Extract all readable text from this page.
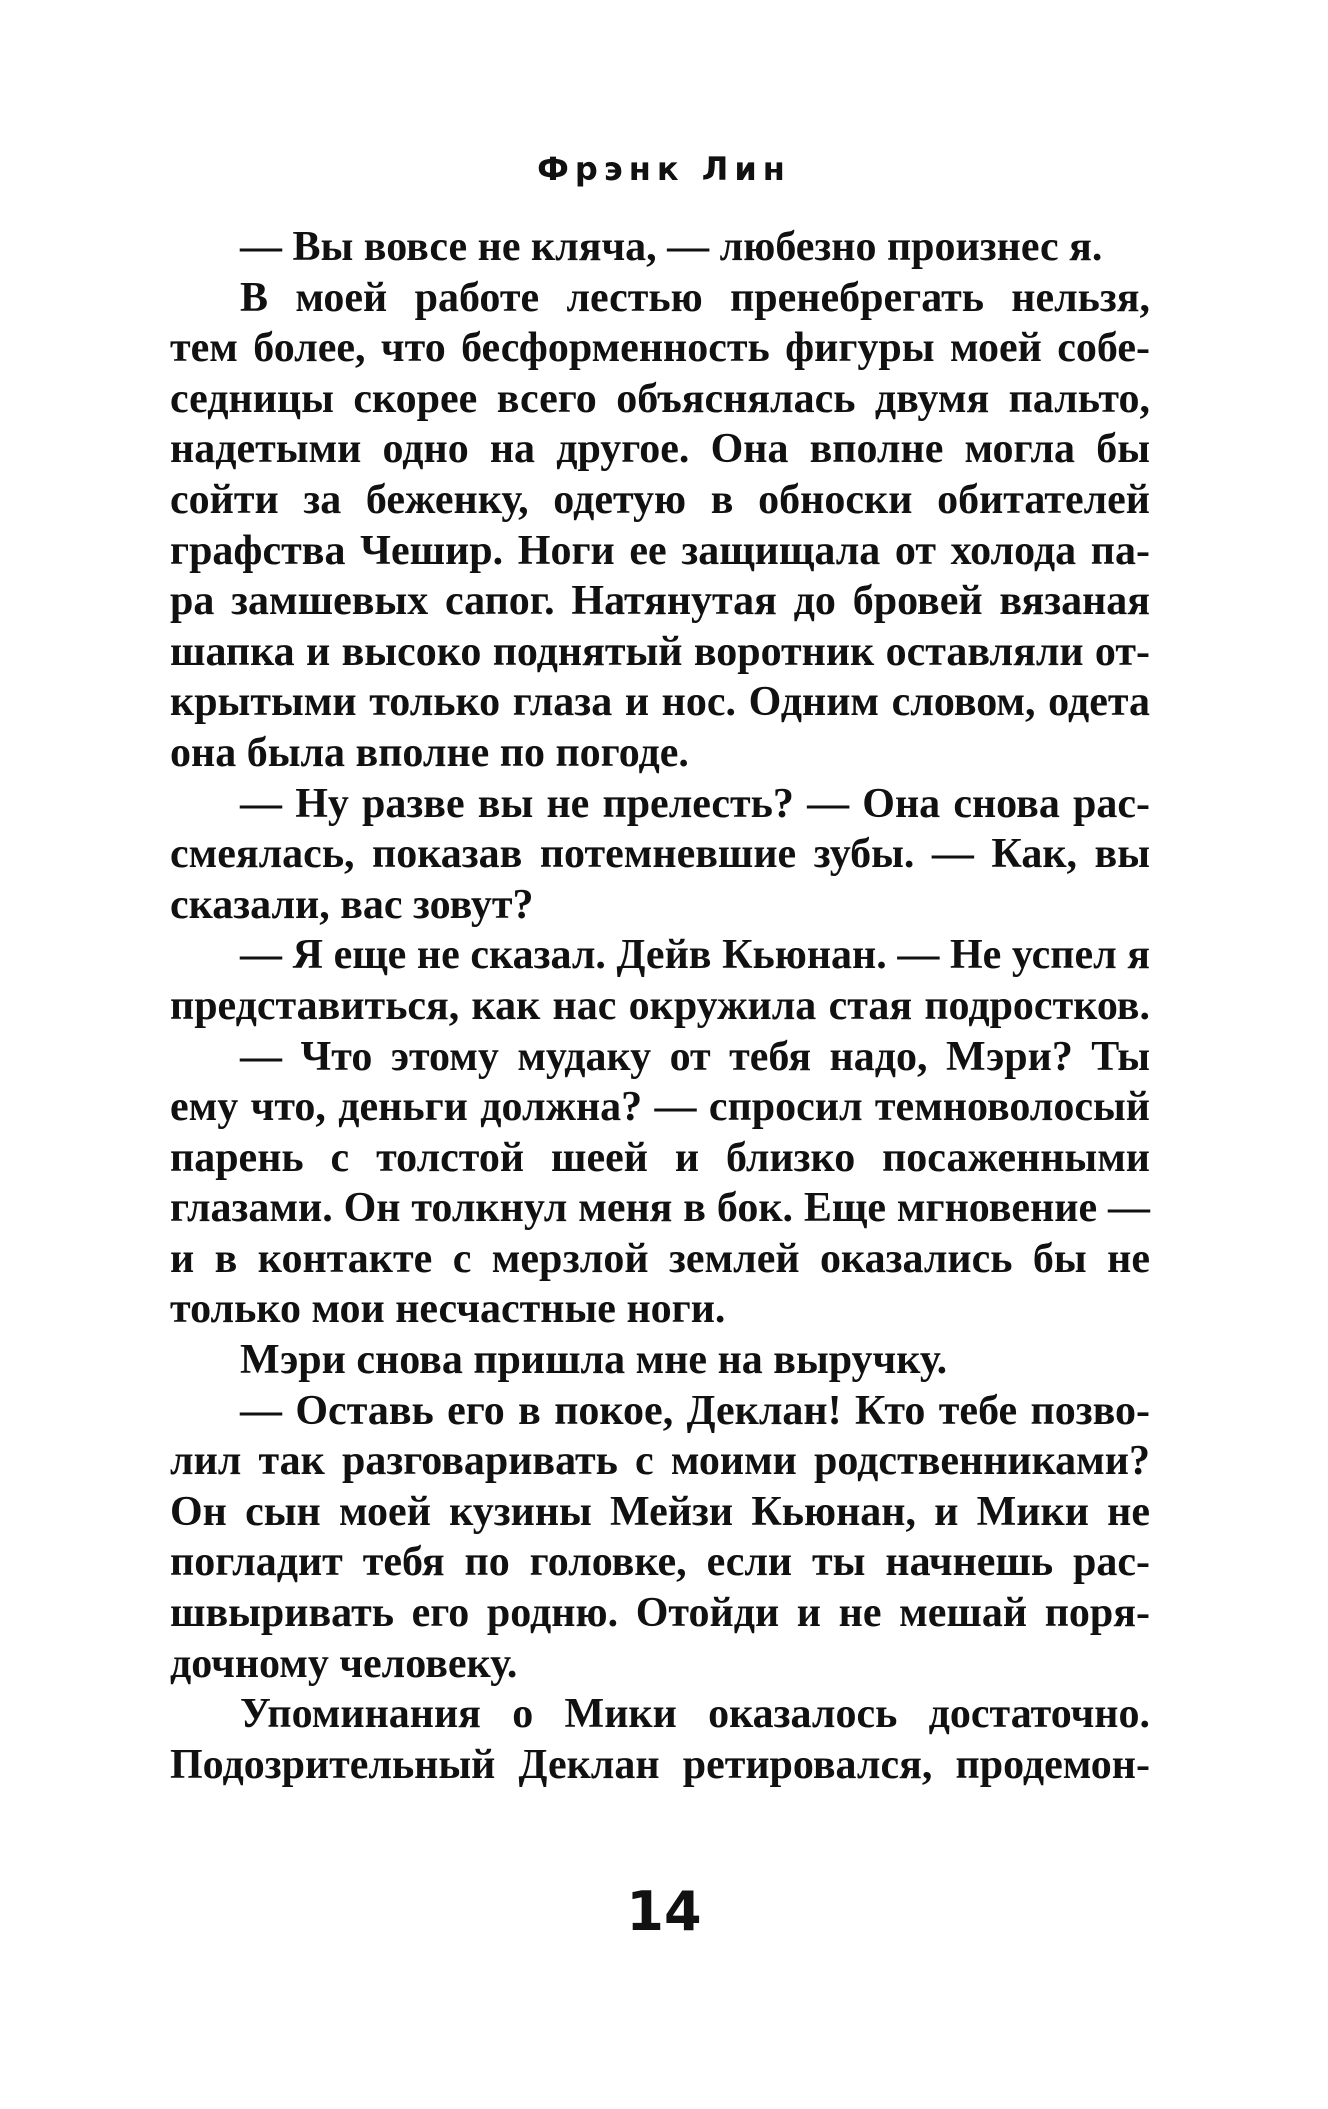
Фрэнк Лин
— Вы вовсе не кляча, — любезно произнес я.
В моей работе лестью пренебрегать нельзя,
тем более, что бесформенность фигуры моей собе-
седницы скорее всего объяснялась двумя пальто,
надетыми одно на другое. Она вполне могла бы
сойти за беженку, одетую в обноски обитателей
графства Чешир. Ноги ее защищала от холода па-
ра замшевых сапог. Натянутая до бровей вязаная
шапка и высоко поднятый воротник оставляли от-
крытыми только глаза и нос. Одним словом, одета
она была вполне по погоде.
— Ну разве вы не прелесть? — Она снова рас-
смеялась, показав потемневшие зубы. — Как, вы
сказали, вас зовут?
— Я еще не сказал. Дейв Кьюнан. — Не успел я
представиться, как нас окружила стая подростков.
— Что этому мудаку от тебя надо, Мэри? Ты
ему что, деньги должна? — спросил темноволосый
парень с толстой шеей и близко посаженными
глазами. Он толкнул меня в бок. Еще мгновение —
и в контакте с мерзлой землей оказались бы не
только мои несчастные ноги.
Мэри снова пришла мне на выручку.
— Оставь его в покое, Деклан! Кто тебе позво-
лил так разговаривать с моими родственниками?
Он сын моей кузины Мейзи Кьюнан, и Мики не
погладит тебя по головке, если ты начнешь рас-
швыривать его родню. Отойди и не мешай поря-
дочному человеку.
Упоминания о Мики оказалось достаточно.
Подозрительный Деклан ретировался, продемон-
14
